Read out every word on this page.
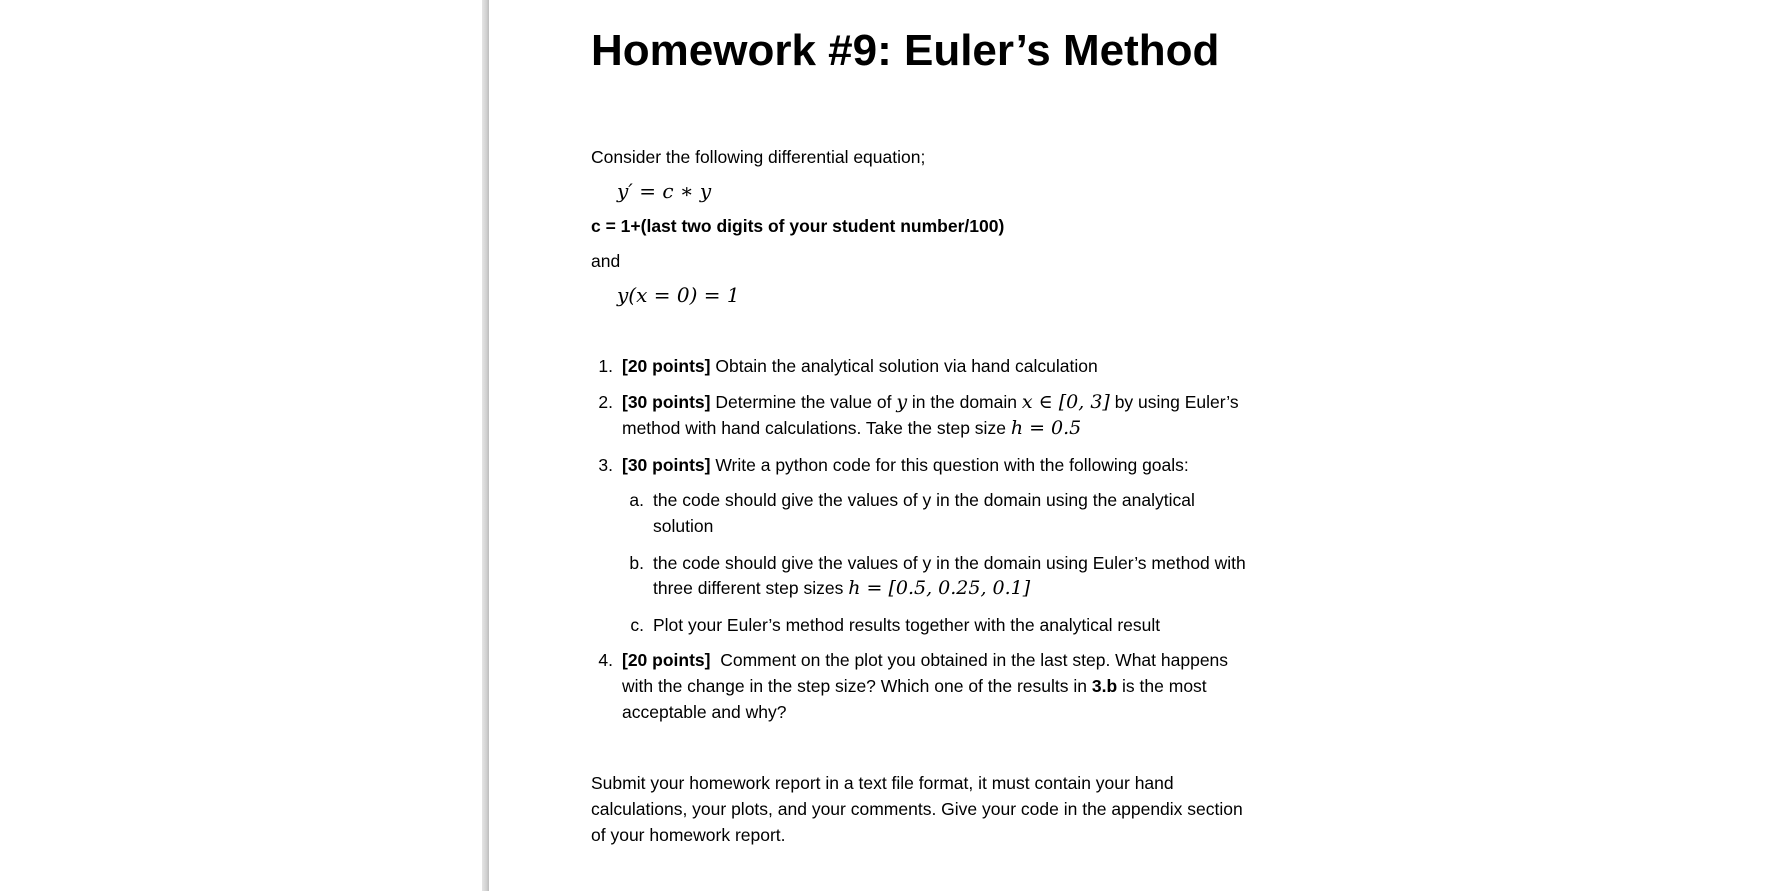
Homework #9: Euler’s Method
Consider the following differential equation;
y′ = c ∗ y
c = 1+(last two digits of your student number/100)
and
y(x = 0) = 1
1. [20 points] Obtain the analytical solution via hand calculation
2. [30 points] Determine the value of y in the domain x ∈ [0, 3] by using Euler’s
method with hand calculations. Take the step size h = 0.5
3. [30 points] Write a python code for this question with the following goals:
a. the code should give the values of y in the domain using the analytical
solution
b. the code should give the values of y in the domain using Euler’s method with
three different step sizes h = [0.5, 0.25, 0.1]
c. Plot your Euler’s method results together with the analytical result
4. [20 points] Comment on the plot you obtained in the last step. What happens
with the change in the step size? Which one of the results in 3.b is the most
acceptable and why?
Submit your homework report in a text file format, it must contain your hand
calculations, your plots, and your comments. Give your code in the appendix section
of your homework report.
